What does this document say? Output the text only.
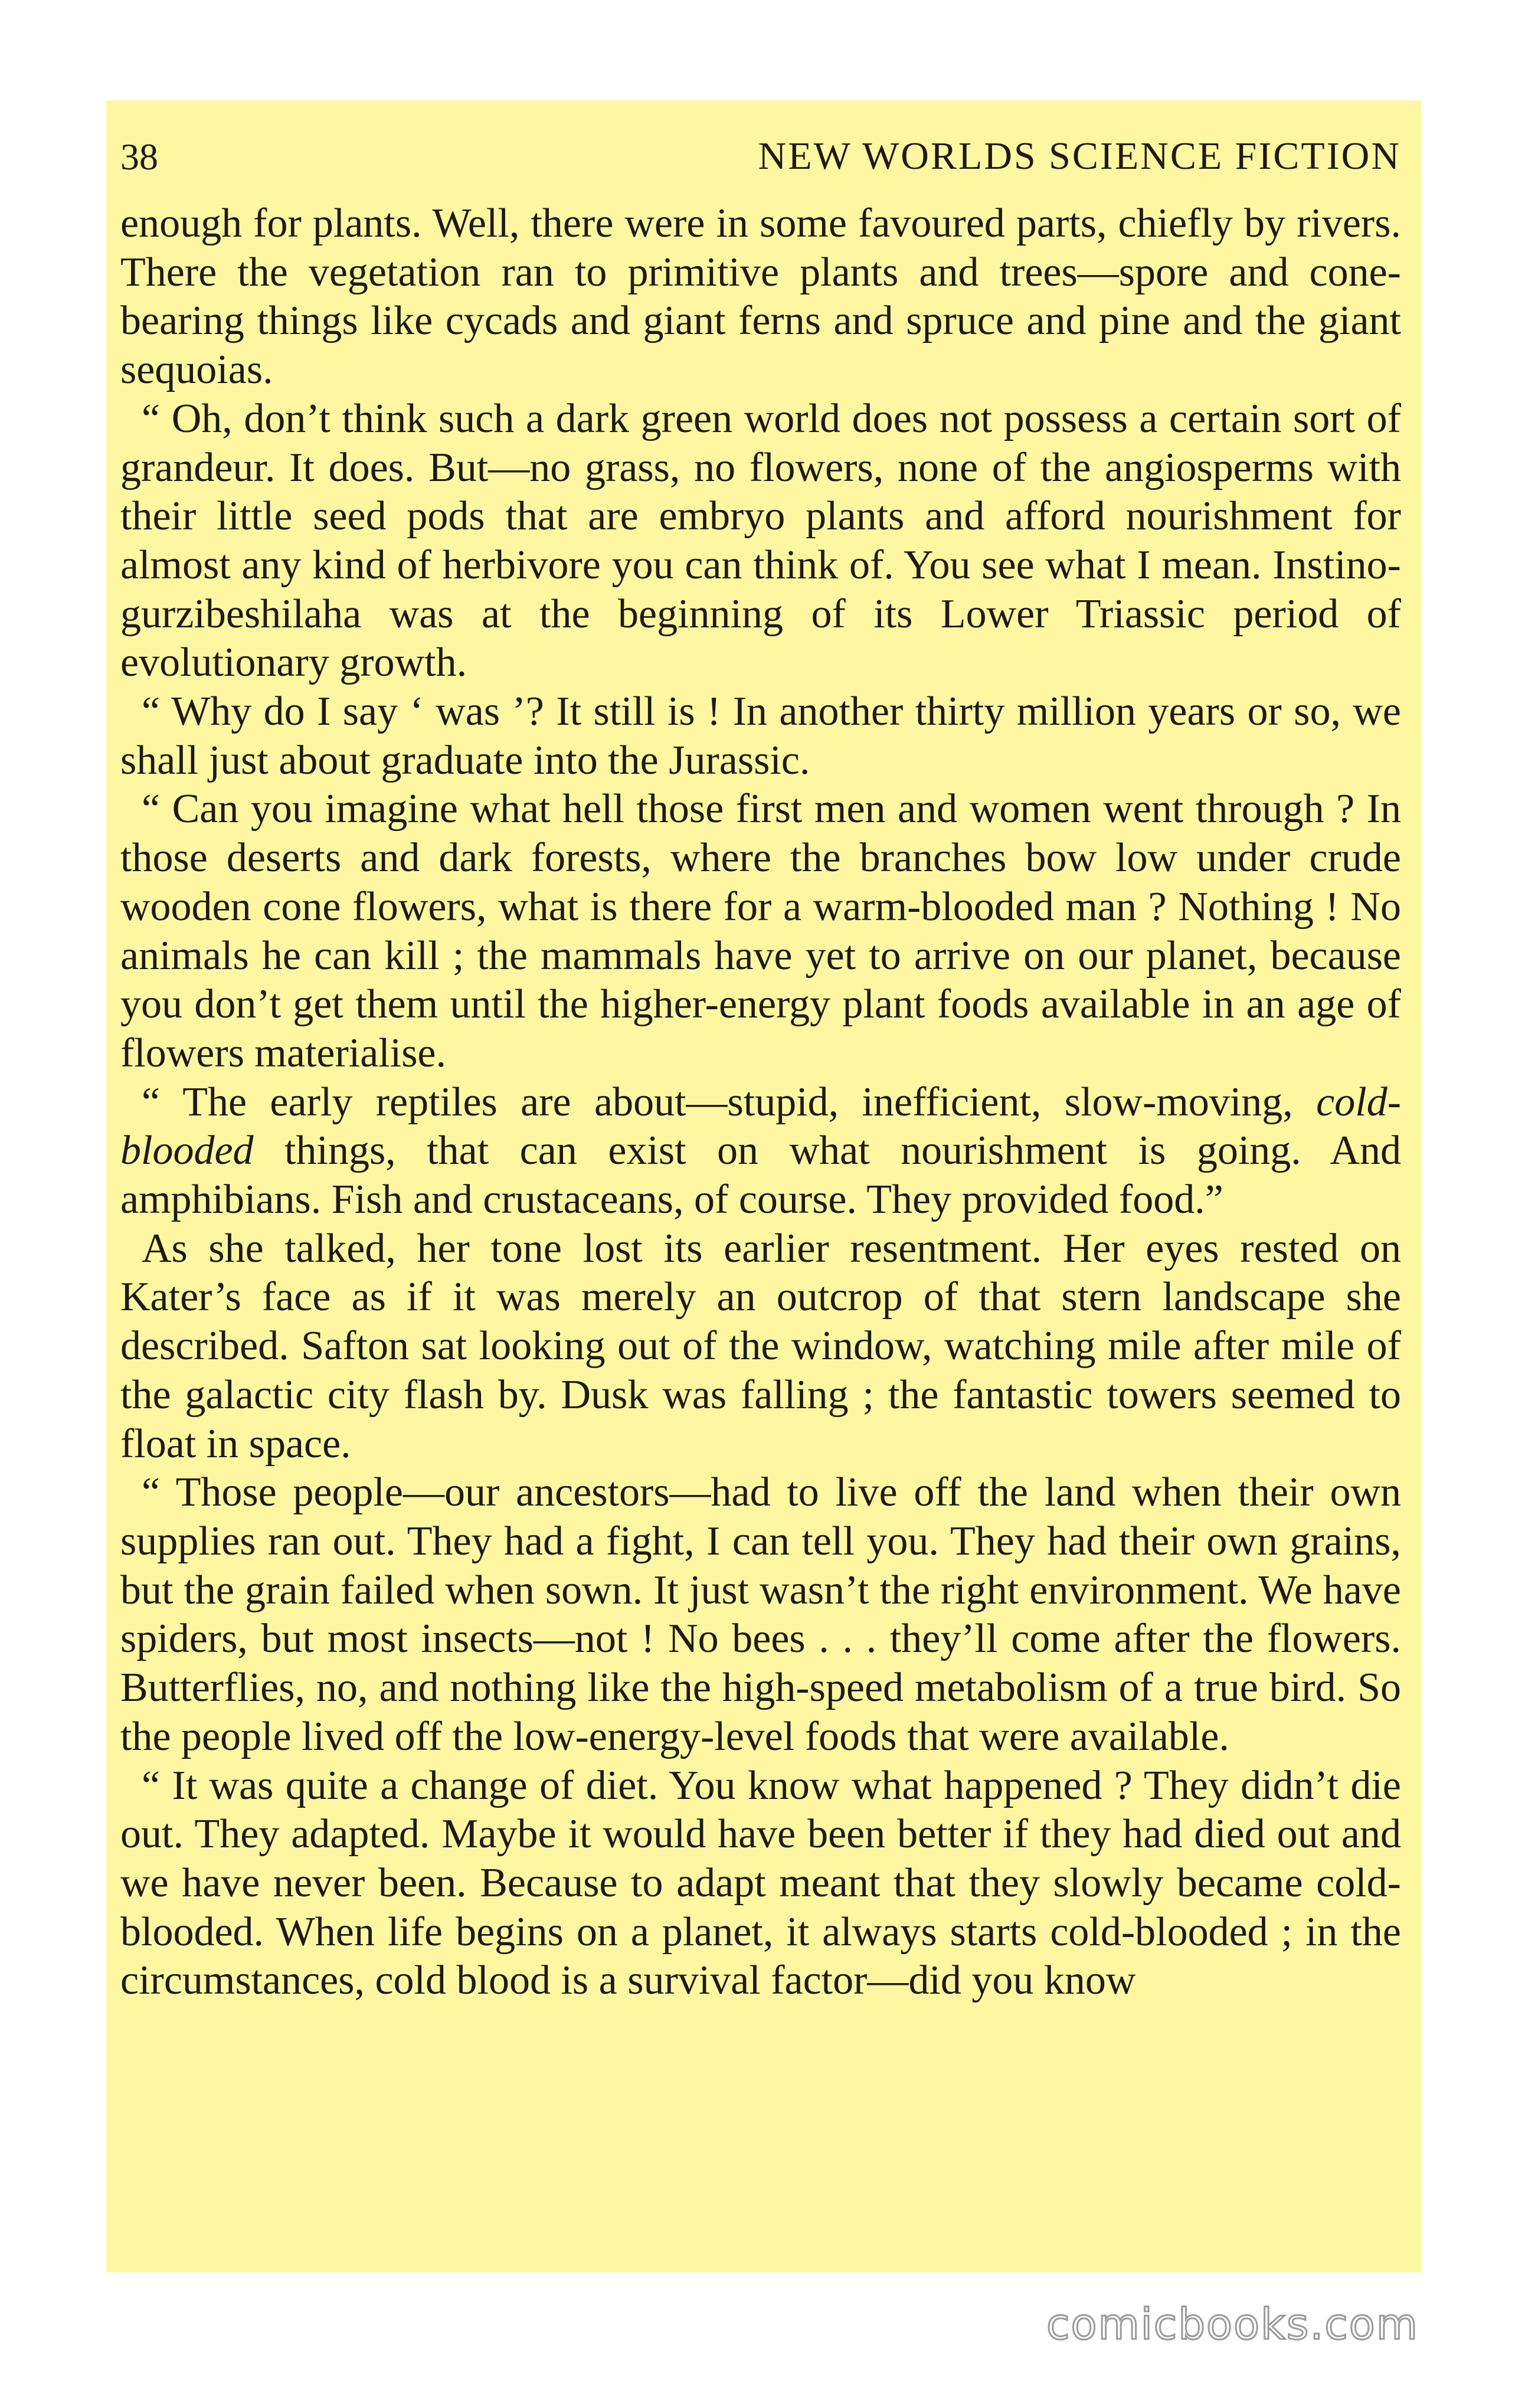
38	NEW WORLDS SCIENCE FICTION

enough for plants. Well, there were in some favoured parts, chiefly by rivers. There the vegetation ran to primitive plants and trees—spore and cone-bearing things like cycads and giant ferns and spruce and pine and the giant sequoias.

“ Oh, don’t think such a dark green world does not possess a certain sort of grandeur. It does. But—no grass, no flowers, none of the angiosperms with their little seed pods that are embryo plants and afford nourishment for almost any kind of herbivore you can think of. You see what I mean. Instino-gurzibeshilaha was at the beginning of its Lower Triassic period of evolutionary growth.

“ Why do I say ‘ was ’? It still is ! In another thirty million years or so, we shall just about graduate into the Jurassic.

“ Can you imagine what hell those first men and women went through ? In those deserts and dark forests, where the branches bow low under crude wooden cone flowers, what is there for a warm-blooded man ? Nothing ! No animals he can kill ; the mammals have yet to arrive on our planet, because you don’t get them until the higher-energy plant foods available in an age of flowers materialise.

“ The early reptiles are about—stupid, inefficient, slow-moving, cold-blooded things, that can exist on what nourishment is going. And amphibians. Fish and crustaceans, of course. They provided food.”

As she talked, her tone lost its earlier resentment. Her eyes rested on Kater’s face as if it was merely an outcrop of that stern landscape she described. Safton sat looking out of the window, watching mile after mile of the galactic city flash by. Dusk was falling ; the fantastic towers seemed to float in space.

“ Those people—our ancestors—had to live off the land when their own supplies ran out. They had a fight, I can tell you. They had their own grains, but the grain failed when sown. It just wasn’t the right environment. We have spiders, but most insects—not ! No bees . . . they’ll come after the flowers. Butterflies, no, and nothing like the high-speed metabolism of a true bird. So the people lived off the low-energy-level foods that were available.

“ It was quite a change of diet. You know what happened ? They didn’t die out. They adapted. Maybe it would have been better if they had died out and we have never been. Because to adapt meant that they slowly became cold-blooded. When life begins on a planet, it always starts cold-blooded ; in the circumstances, cold blood is a survival factor—did you know

comicbooks.com
